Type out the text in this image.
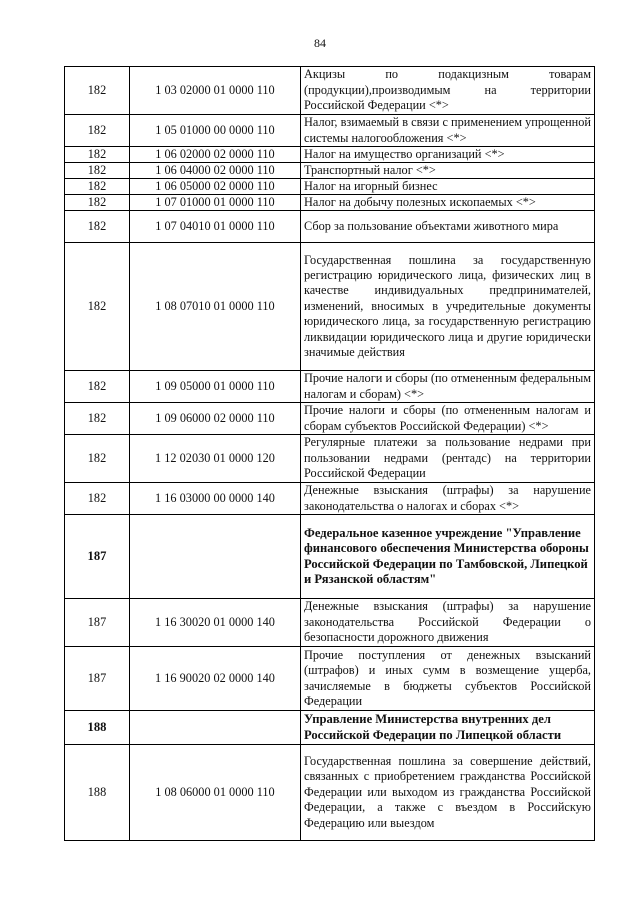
84
182	1 03 02000 01 0000 110	Акцизы по подакцизным товарам (продукции),производимым на территории Российской Федерации <*>
182	1 05 01000 00 0000 110	Налог, взимаемый в связи с применением упрощенной системы налогообложения <*>
182	1 06 02000 02 0000 110	Налог на имущество организаций <*>
182	1 06 04000 02 0000 110	Транспортный налог <*>
182	1 06 05000 02 0000 110	Налог на игорный бизнес
182	1 07 01000 01 0000 110	Налог на добычу полезных ископаемых <*>
182	1 07 04010 01 0000 110	Сбор за пользование объектами животного мира
182	1 08 07010 01 0000 110	Государственная пошлина за государственную регистрацию юридического лица, физических лиц в качестве индивидуальных предпринимателей, изменений, вносимых в учредительные документы юридического лица, за государственную регистрацию ликвидации юридического лица и другие юридически значимые действия
182	1 09 05000 01 0000 110	Прочие налоги и сборы (по отмененным федеральным налогам и сборам) <*>
182	1 09 06000 02 0000 110	Прочие налоги и сборы (по отмененным налогам и сборам субъектов Российской Федерации) <*>
182	1 12 02030 01 0000 120	Регулярные платежи за пользование недрами при пользовании недрами (рентадс) на территории Российской Федерации
182	1 16 03000 00 0000 140	Денежные взыскания (штрафы) за нарушение законодательства о налогах и сборах <*>
187		Федеральное казенное учреждение "Управление финансового обеспечения Министерства обороны Российской Федерации по Тамбовской, Липецкой и Рязанской областям"
187	1 16 30020 01 0000 140	Денежные взыскания (штрафы) за нарушение законодательства Российской Федерации о безопасности дорожного движения
187	1 16 90020 02 0000 140	Прочие поступления от денежных взысканий (штрафов) и иных сумм в возмещение ущерба, зачисляемые в бюджеты субъектов Российской Федерации
188		Управление Министерства внутренних дел Российской Федерации по Липецкой области
188	1 08 06000 01 0000 110	Государственная пошлина за совершение действий, связанных с приобретением гражданства Российской Федерации или выходом из гражданства Российской Федерации, а также с въездом в Российскую Федерацию или выездом
